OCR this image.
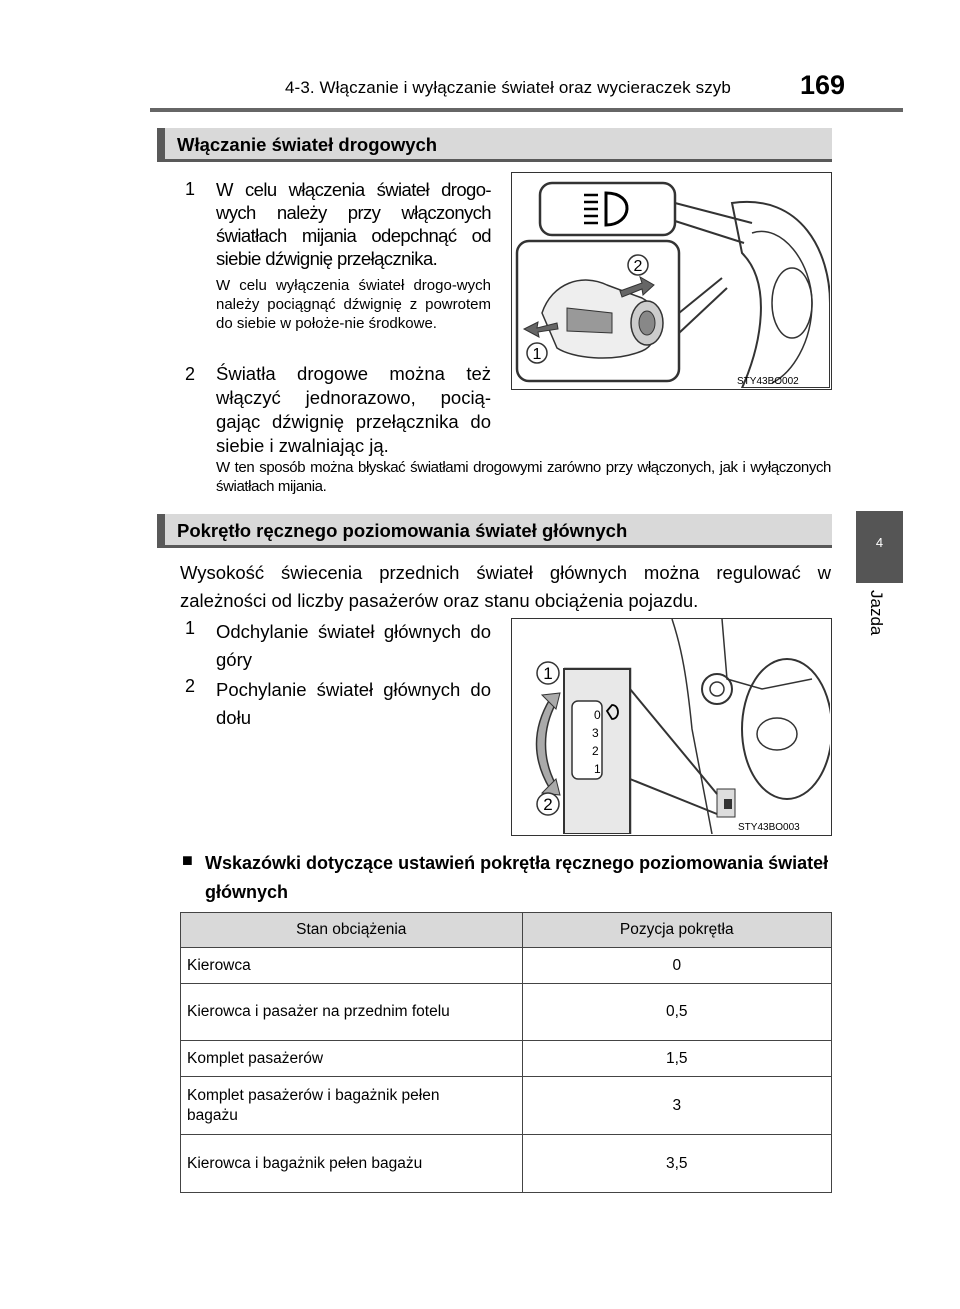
4-3. Włączanie i wyłączanie świateł oraz wycieraczek szyb	169
4
Jazda
Włączanie świateł drogowych
1	W celu włączenia świateł drogo-wych należy przy włączonych światłach mijania odepchnąć od siebie dźwignię przełącznika.
W celu wyłączenia świateł drogo-wych należy pociągnąć dźwignię z powrotem do siebie w położe-nie środkowe.
2	Światła drogowe można też włączyć jednorazowo, pocią-gając dźwignię przełącznika do siebie i zwalniając ją.
W ten sposób można błyskać światłami drogowymi zarówno przy włączonych, jak i wyłączonych światłach mijania.
2
1
STY43BO002
Pokrętło ręcznego poziomowania świateł głównych
Wysokość świecenia przednich świateł głównych można regulować w zależności od liczby pasażerów oraz stanu obciążenia pojazdu.
1	Odchylanie świateł głównych do góry
2	Pochylanie świateł głównych do dołu	0
3
2
1
1
2
STY43BO003
■ Wskazówki dotyczące ustawień pokrętła ręcznego poziomowania świateł głównych
Stan obciążenia	Pozycja pokrętła
Kierowca	0
Kierowca i pasażer na przednim fotelu	0,5
Komplet pasażerów	1,5
Komplet pasażerów i bagażnik pełen bagażu	3
Kierowca i bagażnik pełen bagażu	3,5
